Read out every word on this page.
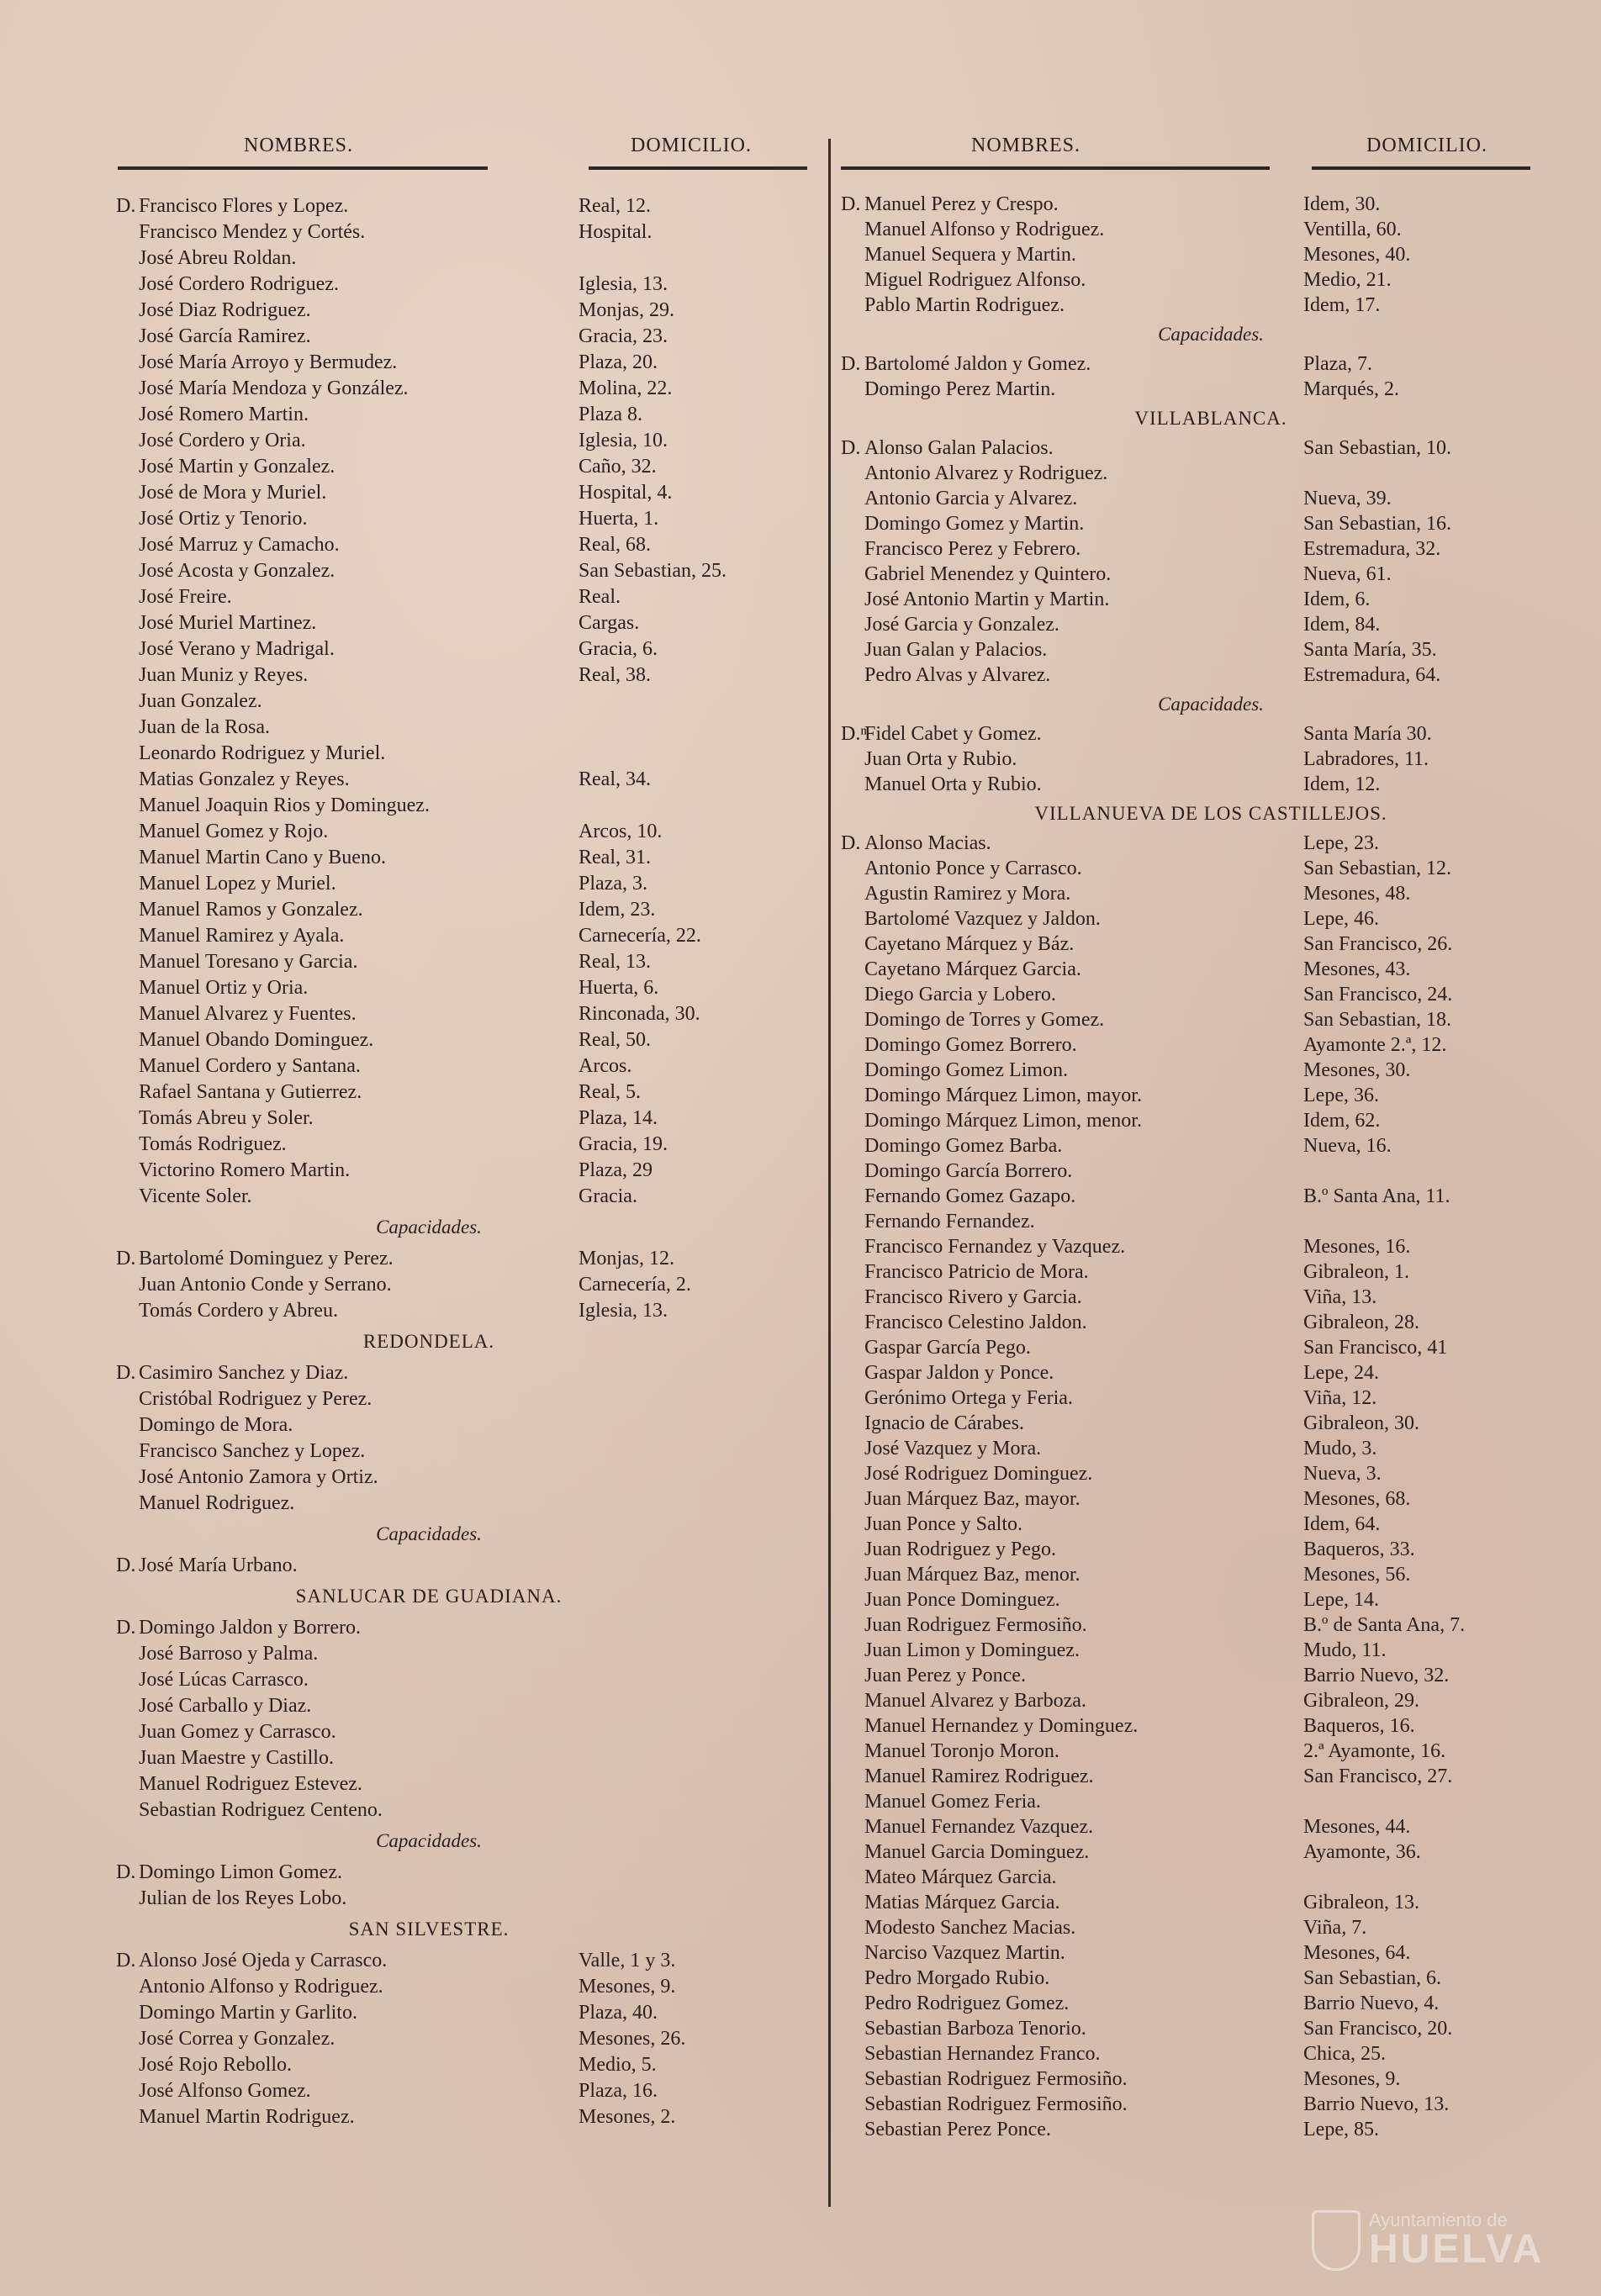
NOMBRES.	DOMICILIO.
D. Francisco Flores y Lopez.	Real, 12.
Francisco Mendez y Cortés.	Hospital.
José Abreu Roldan.
José Cordero Rodriguez.	Iglesia, 13.
José Diaz Rodriguez.	Monjas, 29.
José García Ramirez.	Gracia, 23.
José María Arroyo y Bermudez.	Plaza, 20.
José María Mendoza y González.	Molina, 22.
José Romero Martin.	Plaza 8.
José Cordero y Oria.	Iglesia, 10.
José Martin y Gonzalez.	Caño, 32.
José de Mora y Muriel.	Hospital, 4.
José Ortiz y Tenorio.	Huerta, 1.
José Marruz y Camacho.	Real, 68.
José Acosta y Gonzalez.	San Sebastian, 25.
José Freire.	Real.
José Muriel Martinez.	Cargas.
José Verano y Madrigal.	Gracia, 6.
Juan Muniz y Reyes.	Real, 38.
Juan Gonzalez.
Juan de la Rosa.
Leonardo Rodriguez y Muriel.
Matias Gonzalez y Reyes.	Real, 34.
Manuel Joaquin Rios y Dominguez.
Manuel Gomez y Rojo.	Arcos, 10.
Manuel Martin Cano y Bueno.	Real, 31.
Manuel Lopez y Muriel.	Plaza, 3.
Manuel Ramos y Gonzalez.	Idem, 23.
Manuel Ramirez y Ayala.	Carnecería, 22.
Manuel Toresano y Garcia.	Real, 13.
Manuel Ortiz y Oria.	Huerta, 6.
Manuel Alvarez y Fuentes.	Rinconada, 30.
Manuel Obando Dominguez.	Real, 50.
Manuel Cordero y Santana.	Arcos.
Rafael Santana y Gutierrez.	Real, 5.
Tomás Abreu y Soler.	Plaza, 14.
Tomás Rodriguez.	Gracia, 19.
Victorino Romero Martin.	Plaza, 29
Vicente Soler.	Gracia.
Capacidades.
D. Bartolomé Dominguez y Perez.	Monjas, 12.
Juan Antonio Conde y Serrano.	Carnecería, 2.
Tomás Cordero y Abreu.	Iglesia, 13.
REDONDELA.
D. Casimiro Sanchez y Diaz.
Cristóbal Rodriguez y Perez.
Domingo de Mora.
Francisco Sanchez y Lopez.
José Antonio Zamora y Ortiz.
Manuel Rodriguez.
Capacidades.
D. José María Urbano.
SANLUCAR DE GUADIANA.
D. Domingo Jaldon y Borrero.
José Barroso y Palma.
José Lúcas Carrasco.
José Carballo y Diaz.
Juan Gomez y Carrasco.
Juan Maestre y Castillo.
Manuel Rodriguez Estevez.
Sebastian Rodriguez Centeno.
Capacidades.
D. Domingo Limon Gomez.
Julian de los Reyes Lobo.
SAN SILVESTRE.
D. Alonso José Ojeda y Carrasco.	Valle, 1 y 3.
Antonio Alfonso y Rodriguez.	Mesones, 9.
Domingo Martin y Garlito.	Plaza, 40.
José Correa y Gonzalez.	Mesones, 26.
José Rojo Rebollo.	Medio, 5.
José Alfonso Gomez.	Plaza, 16.
Manuel Martin Rodriguez.	Mesones, 2.
NOMBRES.	DOMICILIO.
D. Manuel Perez y Crespo.	Idem, 30.
Manuel Alfonso y Rodriguez.	Ventilla, 60.
Manuel Sequera y Martin.	Mesones, 40.
Miguel Rodriguez Alfonso.	Medio, 21.
Pablo Martin Rodriguez.	Idem, 17.
Capacidades.
D. Bartolomé Jaldon y Gomez.	Plaza, 7.
Domingo Perez Martin.	Marqués, 2.
VILLABLANCA.
D. Alonso Galan Palacios.	San Sebastian, 10.
Antonio Alvarez y Rodriguez.
Antonio Garcia y Alvarez.	Nueva, 39.
Domingo Gomez y Martin.	San Sebastian, 16.
Francisco Perez y Febrero.	Estremadura, 32.
Gabriel Menendez y Quintero.	Nueva, 61.
José Antonio Martin y Martin.	Idem, 6.
José Garcia y Gonzalez.	Idem, 84.
Juan Galan y Palacios.	Santa María, 35.
Pedro Alvas y Alvarez.	Estremadura, 64.
Capacidades.
D.ⁿ
Fidel Cabet y Gomez.	Santa María 30.
Juan Orta y Rubio.	Labradores, 11.
Manuel Orta y Rubio.	Idem, 12.
VILLANUEVA DE LOS CASTILLEJOS.
D. Alonso Macias.	Lepe, 23.
Antonio Ponce y Carrasco.	San Sebastian, 12.
Agustin Ramirez y Mora.	Mesones, 48.
Bartolomé Vazquez y Jaldon.	Lepe, 46.
Cayetano Márquez y Báz.	San Francisco, 26.
Cayetano Márquez Garcia.	Mesones, 43.
Diego Garcia y Lobero.	San Francisco, 24.
Domingo de Torres y Gomez.	San Sebastian, 18.
Domingo Gomez Borrero.	Ayamonte 2.ª, 12.
Domingo Gomez Limon.	Mesones, 30.
Domingo Márquez Limon, mayor.	Lepe, 36.
Domingo Márquez Limon, menor.	Idem, 62.
Domingo Gomez Barba.	Nueva, 16.
Domingo García Borrero.
Fernando Gomez Gazapo.	B.º Santa Ana, 11.
Fernando Fernandez.
Francisco Fernandez y Vazquez.	Mesones, 16.
Francisco Patricio de Mora.	Gibraleon, 1.
Francisco Rivero y Garcia.	Viña, 13.
Francisco Celestino Jaldon.	Gibraleon, 28.
Gaspar García Pego.	San Francisco, 41
Gaspar Jaldon y Ponce.	Lepe, 24.
Gerónimo Ortega y Feria.	Viña, 12.
Ignacio de Cárabes.	Gibraleon, 30.
José Vazquez y Mora.	Mudo, 3.
José Rodriguez Dominguez.	Nueva, 3.
Juan Márquez Baz, mayor.	Mesones, 68.
Juan Ponce y Salto.	Idem, 64.
Juan Rodriguez y Pego.	Baqueros, 33.
Juan Márquez Baz, menor.	Mesones, 56.
Juan Ponce Dominguez.	Lepe, 14.
Juan Rodriguez Fermosiño.	B.º de Santa Ana, 7.
Juan Limon y Dominguez.	Mudo, 11.
Juan Perez y Ponce.	Barrio Nuevo, 32.
Manuel Alvarez y Barboza.	Gibraleon, 29.
Manuel Hernandez y Dominguez.	Baqueros, 16.
Manuel Toronjo Moron.	2.ª Ayamonte, 16.
Manuel Ramirez Rodriguez.	San Francisco, 27.
Manuel Gomez Feria.
Manuel Fernandez Vazquez.	Mesones, 44.
Manuel Garcia Dominguez.	Ayamonte, 36.
Mateo Márquez Garcia.
Matias Márquez Garcia.	Gibraleon, 13.
Modesto Sanchez Macias.	Viña, 7.
Narciso Vazquez Martin.	Mesones, 64.
Pedro Morgado Rubio.	San Sebastian, 6.
Pedro Rodriguez Gomez.	Barrio Nuevo, 4.
Sebastian Barboza Tenorio.	San Francisco, 20.
Sebastian Hernandez Franco.	Chica, 25.
Sebastian Rodriguez Fermosiño.	Mesones, 9.
Sebastian Rodriguez Fermosiño.	Barrio Nuevo, 13.
Sebastian Perez Ponce.	Lepe, 85.
Ayuntamiento de
HUELVA
